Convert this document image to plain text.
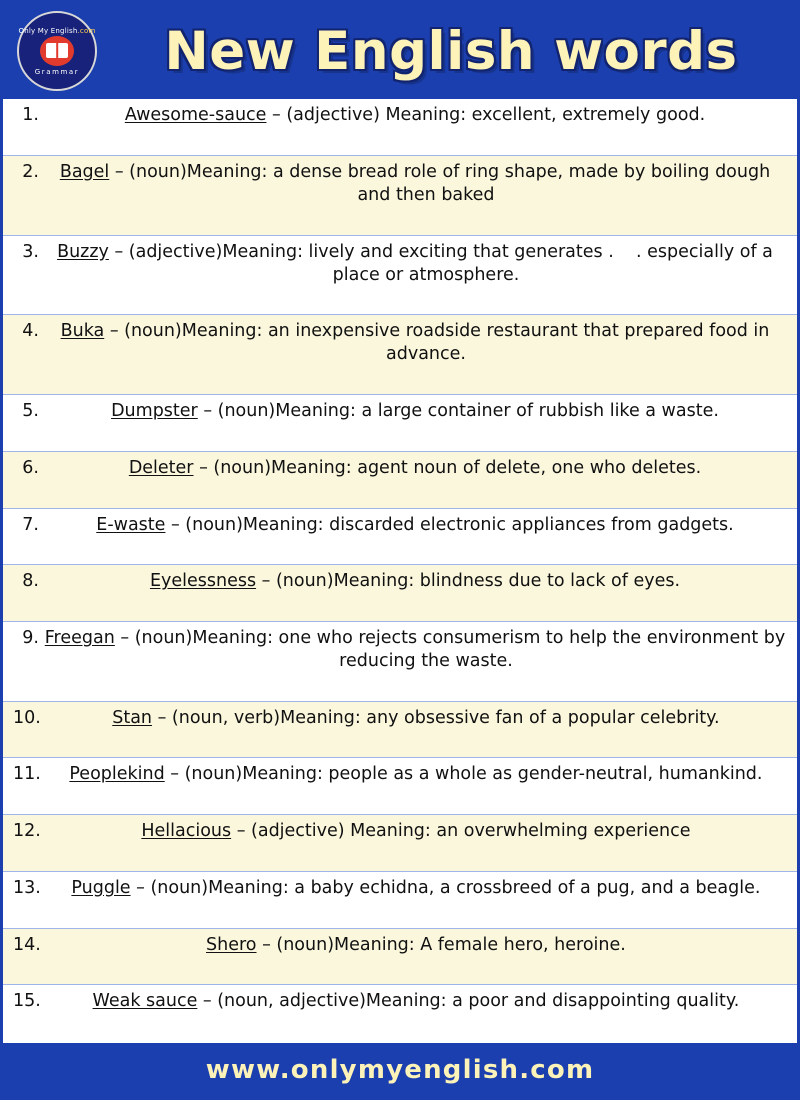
Only My English.com
Grammar	New English words
1.	Awesome-sauce – (adjective) Meaning: excellent, extremely good.
2.	Bagel – (noun)Meaning: a dense bread role of ring shape, made by boiling dough and then baked
3.	Buzzy – (adjective)Meaning: lively and exciting that generates .    . especially of a place or atmosphere.
4.	Buka – (noun)Meaning: an inexpensive roadside restaurant that prepared food in advance.
5.	Dumpster – (noun)Meaning: a large container of rubbish like a waste.
6.	Deleter – (noun)Meaning: agent noun of delete, one who deletes.
7.	E-waste – (noun)Meaning: discarded electronic appliances from gadgets.
8.	Eyelessness – (noun)Meaning: blindness due to lack of eyes.
9. Freegan – (noun)Meaning: one who rejects consumerism to help the environment by reducing the waste.
10.	Stan – (noun, verb)Meaning: any obsessive fan of a popular celebrity.
11.	Peoplekind – (noun)Meaning: people as a whole as gender-neutral, humankind.
12.	Hellacious – (adjective) Meaning: an overwhelming experience
13.	Puggle – (noun)Meaning: a baby echidna, a crossbreed of a pug, and a beagle.
14.	Shero – (noun)Meaning: A female hero, heroine.
15.	Weak sauce – (noun, adjective)Meaning: a poor and disappointing quality.
www.onlymyenglish.com
